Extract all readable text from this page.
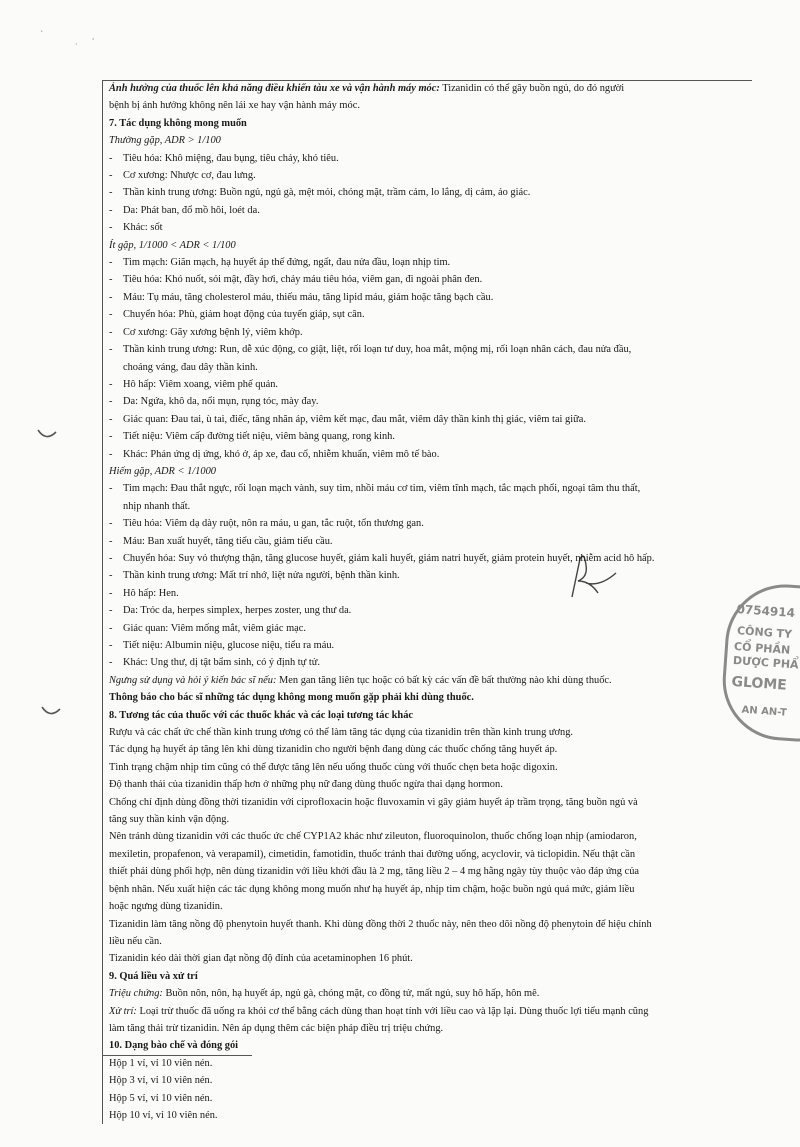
ˋ
· ˈ
0754914
CÔNG TY
CỔ PHẦN
DƯỢC PHẨ
GLOME
AN AN-T
Ảnh hưởng của thuốc lên khả năng điều khiển tàu xe và vận hành máy móc: Tizanidin có thể gây buồn ngủ, do đó người
bệnh bị ảnh hưởng không nên lái xe hay vận hành máy móc.
7. Tác dụng không mong muốn
Thường gặp, ADR > 1/100
- Tiêu hóa: Khô miệng, đau bụng, tiêu chảy, khó tiêu.
- Cơ xương: Nhược cơ, đau lưng.
- Thần kinh trung ương: Buồn ngủ, ngủ gà, mệt mỏi, chóng mặt, trầm cảm, lo lắng, dị cảm, ảo giác.
- Da: Phát ban, đổ mồ hôi, loét da.
- Khác: sốt
Ít gặp, 1/1000 < ADR < 1/100
- Tim mạch: Giãn mạch, hạ huyết áp thế đứng, ngất, đau nửa đầu, loạn nhịp tim.
- Tiêu hóa: Khó nuốt, sỏi mật, đầy hơi, chảy máu tiêu hóa, viêm gan, đi ngoài phân đen.
- Máu: Tụ máu, tăng cholesterol máu, thiếu máu, tăng lipid máu, giảm hoặc tăng bạch cầu.
- Chuyển hóa: Phù, giảm hoạt động của tuyến giáp, sụt cân.
- Cơ xương: Gãy xương bệnh lý, viêm khớp.
- Thần kinh trung ương: Run, dễ xúc động, co giật, liệt, rối loạn tư duy, hoa mắt, mộng mị, rối loạn nhân cách, đau nửa đầu,
choáng váng, đau dây thần kinh.
- Hô hấp: Viêm xoang, viêm phế quản.
- Da: Ngứa, khô da, nổi mụn, rụng tóc, mày đay.
- Giác quan: Đau tai, ù tai, điếc, tăng nhãn áp, viêm kết mạc, đau mắt, viêm dây thần kinh thị giác, viêm tai giữa.
- Tiết niệu: Viêm cấp đường tiết niệu, viêm bàng quang, rong kinh.
- Khác: Phản ứng dị ứng, khó ở, áp xe, đau cổ, nhiễm khuẩn, viêm mô tế bào.
Hiếm gặp, ADR < 1/1000
- Tim mạch: Đau thắt ngực, rối loạn mạch vành, suy tim, nhồi máu cơ tim, viêm tĩnh mạch, tắc mạch phổi, ngoại tâm thu thất,
nhịp nhanh thất.
- Tiêu hóa: Viêm dạ dày ruột, nôn ra máu, u gan, tắc ruột, tổn thương gan.
- Máu: Ban xuất huyết, tăng tiểu cầu, giảm tiểu cầu.
- Chuyển hóa: Suy vỏ thượng thận, tăng glucose huyết, giảm kali huyết, giảm natri huyết, giảm protein huyết, nhiễm acid hô hấp.
- Thần kinh trung ương: Mất trí nhớ, liệt nửa người, bệnh thần kinh.
- Hô hấp: Hen.
- Da: Tróc da, herpes simplex, herpes zoster, ung thư da.
- Giác quan: Viêm mống mắt, viêm giác mạc.
- Tiết niệu: Albumin niệu, glucose niệu, tiểu ra máu.
- Khác: Ung thư, dị tật bẩm sinh, có ý định tự tử.
Ngưng sử dụng và hỏi ý kiến bác sĩ nếu: Men gan tăng liên tục hoặc có bất kỳ các vấn đề bất thường nào khi dùng thuốc.
Thông báo cho bác sĩ những tác dụng không mong muốn gặp phải khi dùng thuốc.
8. Tương tác của thuốc với các thuốc khác và các loại tương tác khác
Rượu và các chất ức chế thần kinh trung ương có thể làm tăng tác dụng của tizanidin trên thần kinh trung ương.
Tác dụng hạ huyết áp tăng lên khi dùng tizanidin cho người bệnh đang dùng các thuốc chống tăng huyết áp.
Tình trạng chậm nhịp tim cũng có thể được tăng lên nếu uống thuốc cùng với thuốc chẹn beta hoặc digoxin.
Độ thanh thải của tizanidin thấp hơn ở những phụ nữ đang dùng thuốc ngừa thai dạng hormon.
Chống chỉ định dùng đồng thời tizanidin với ciprofloxacin hoặc fluvoxamin vì gây giảm huyết áp trầm trọng, tăng buồn ngủ và
tăng suy thần kinh vận động.
Nên tránh dùng tizanidin với các thuốc ức chế CYP1A2 khác như zileuton, fluoroquinolon, thuốc chống loạn nhịp (amiodaron,
mexiletin, propafenon, và verapamil), cimetidin, famotidin, thuốc tránh thai đường uống, acyclovir, và ticlopidin. Nếu thật cần
thiết phải dùng phối hợp, nên dùng tizanidin với liều khởi đầu là 2 mg, tăng liều 2 – 4 mg hằng ngày tùy thuộc vào đáp ứng của
bệnh nhân. Nếu xuất hiện các tác dụng không mong muốn như hạ huyết áp, nhịp tim chậm, hoặc buồn ngủ quá mức, giảm liều
hoặc ngưng dùng tizanidin.
Tizanidin làm tăng nồng độ phenytoin huyết thanh. Khi dùng đồng thời 2 thuốc này, nên theo dõi nồng độ phenytoin để hiệu chỉnh
liều nếu cần.
Tizanidin kéo dài thời gian đạt nồng độ đỉnh của acetaminophen 16 phút.
9. Quá liều và xử trí
Triệu chứng: Buồn nôn, nôn, hạ huyết áp, ngủ gà, chóng mặt, co đồng tử, mất ngủ, suy hô hấp, hôn mê.
Xử trí: Loại trừ thuốc đã uống ra khỏi cơ thể bằng cách dùng than hoạt tính với liều cao và lặp lại. Dùng thuốc lợi tiểu mạnh cũng
làm tăng thải trừ tizanidin. Nên áp dụng thêm các biện pháp điều trị triệu chứng.
10. Dạng bào chế và đóng gói
Hộp 1 vỉ, vỉ 10 viên nén.
Hộp 3 vỉ, vỉ 10 viên nén.
Hộp 5 vỉ, vỉ 10 viên nén.
Hộp 10 vỉ, vỉ 10 viên nén.
